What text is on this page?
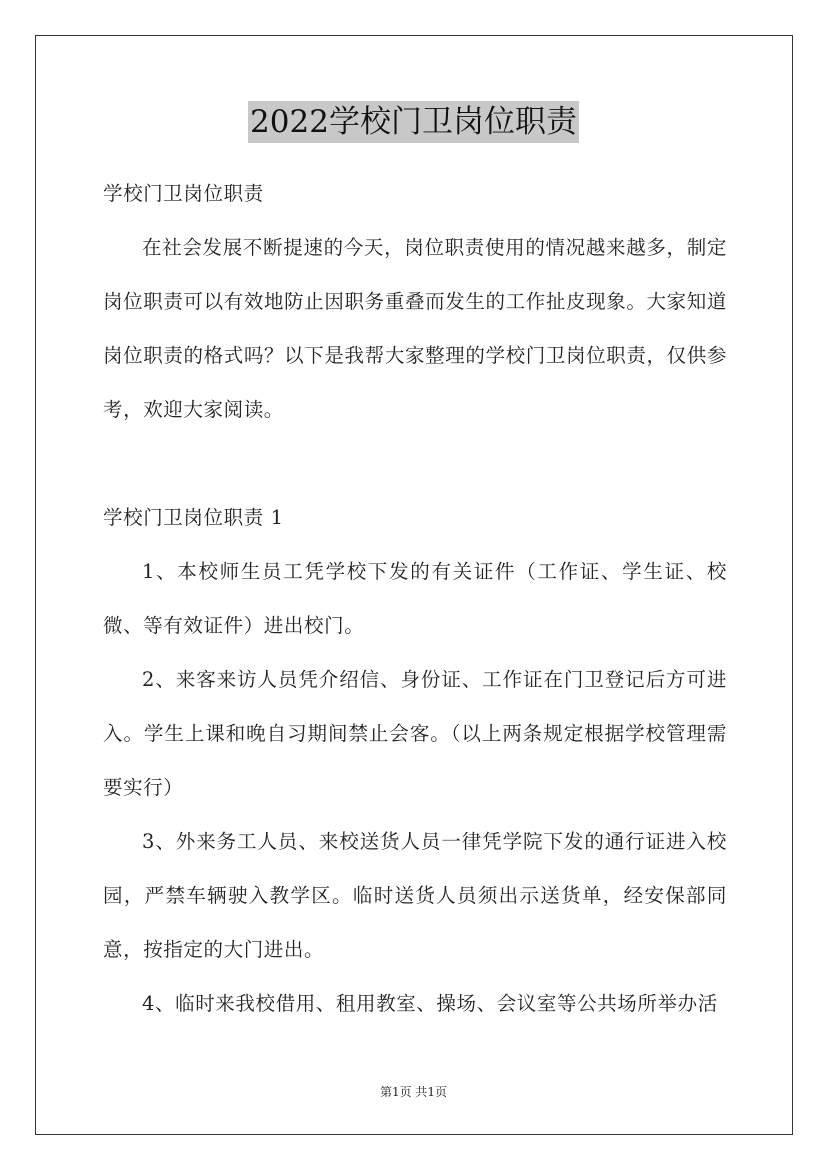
2022学校门卫岗位职责
学校门卫岗位职责
在社会发展不断提速的今天，岗位职责使用的情况越来越多，制定岗位职责可以有效地防止因职务重叠而发生的工作扯皮现象。大家知道岗位职责的格式吗？以下是我帮大家整理的学校门卫岗位职责，仅供参考，欢迎大家阅读。
学校门卫岗位职责 1
1、本校师生员工凭学校下发的有关证件（工作证、学生证、校微、等有效证件）进出校门。
2、来客来访人员凭介绍信、身份证、工作证在门卫登记后方可进入。学生上课和晚自习期间禁止会客。（以上两条规定根据学校管理需要实行）
3、外来务工人员、来校送货人员一律凭学院下发的通行证进入校园，严禁车辆驶入教学区。临时送货人员须出示送货单，经安保部同意，按指定的大门进出。
4、临时来我校借用、租用教室、操场、会议室等公共场所举办活
第1页 共1页
